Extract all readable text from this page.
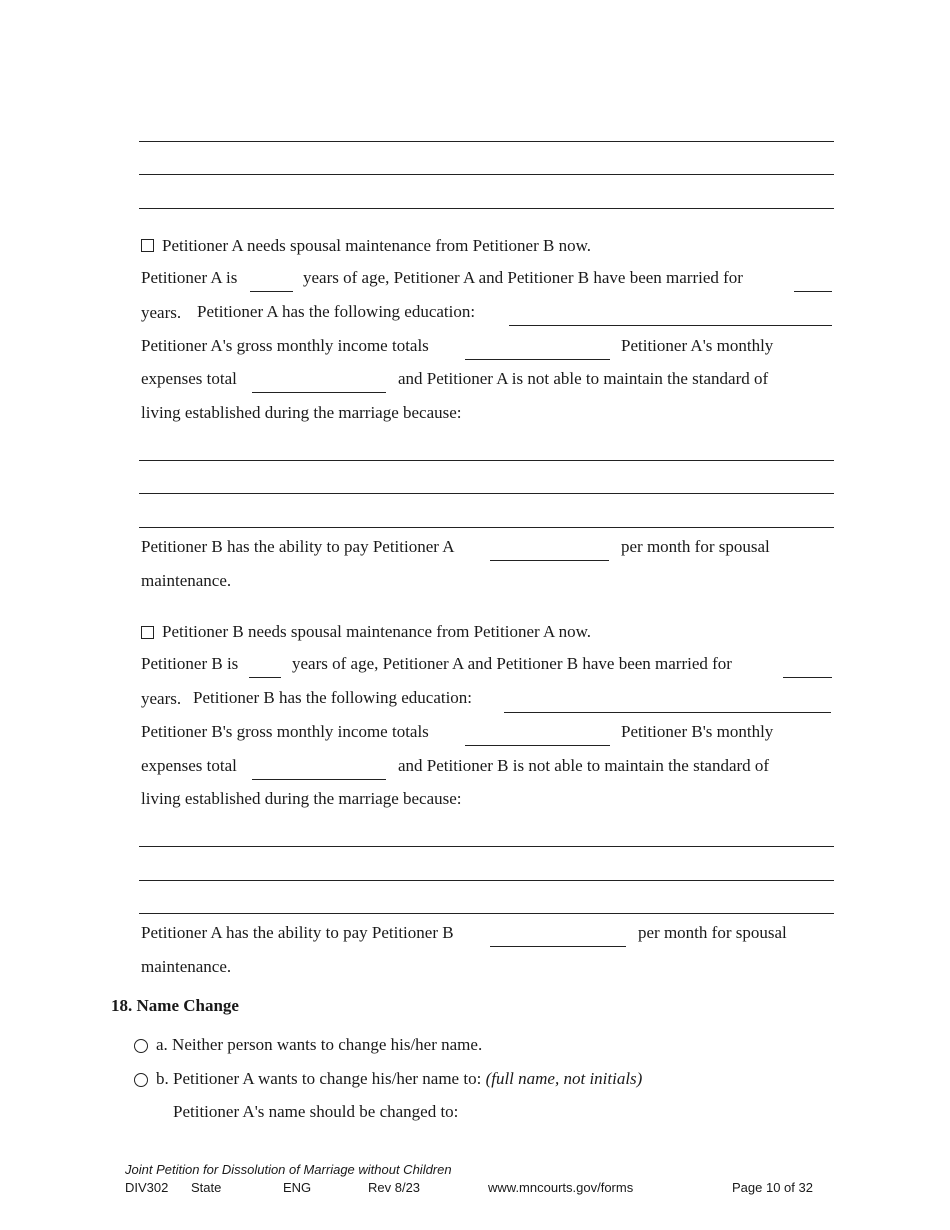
Petitioner A needs spousal maintenance from Petitioner B now.
Petitioner A is	years of age, Petitioner A and Petitioner B have been married for
years. Petitioner A has the following education:
Petitioner A's gross monthly income totals	Petitioner A's monthly
expenses total	and Petitioner A is not able to maintain the standard of
living established during the marriage because:
Petitioner B has the ability to pay Petitioner A	per month for spousal
maintenance.
Petitioner B needs spousal maintenance from Petitioner A now.
Petitioner B is	years of age, Petitioner A and Petitioner B have been married for
years. Petitioner B has the following education:
Petitioner B's gross monthly income totals	Petitioner B's monthly
expenses total	and Petitioner B is not able to maintain the standard of
living established during the marriage because:
Petitioner A has the ability to pay Petitioner B	per month for spousal
maintenance.
18. Name Change
a. Neither person wants to change his/her name.
b. Petitioner A wants to change his/her name to: (full name, not initials)
Petitioner A's name should be changed to:
Joint Petition for Dissolution of Marriage without Children
DIV302 State	ENG	Rev 8/23	www.mncourts.gov/forms	Page 10 of 32
